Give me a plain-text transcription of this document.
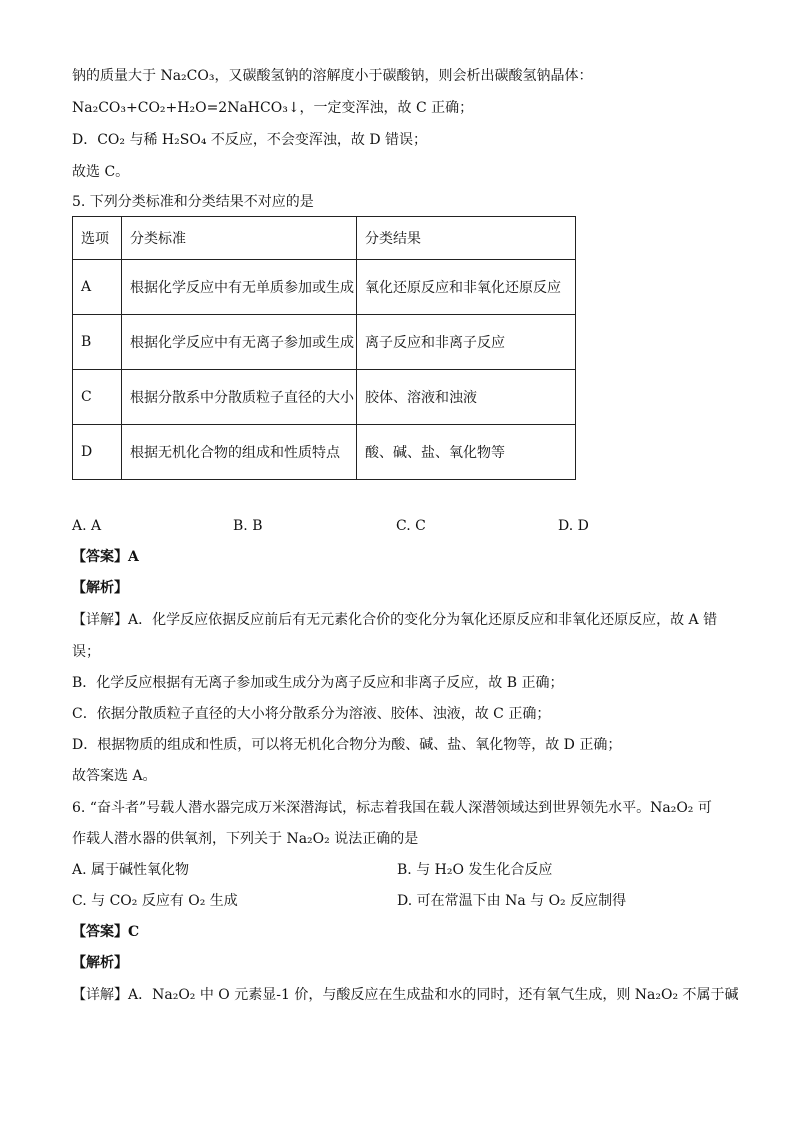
钠的质量大于 Na₂CO₃，又碳酸氢钠的溶解度小于碳酸钠，则会析出碳酸氢钠晶体：
Na₂CO₃+CO₂+H₂O=2NaHCO₃↓，一定变浑浊，故 C 正确；
D．CO₂ 与稀 H₂SO₄ 不反应，不会变浑浊，故 D 错误；
故选 C。
5. 下列分类标准和分类结果不对应的是
选项	分类标准	分类结果
A	根据化学反应中有无单质参加或生成	氧化还原反应和非氧化还原反应
B	根据化学反应中有无离子参加或生成	离子反应和非离子反应
C	根据分散系中分散质粒子直径的大小	胶体、溶液和浊液
D	根据无机化合物的组成和性质特点	酸、碱、盐、氧化物等
A. A	B. B	C. C	D. D
【答案】A
【解析】
【详解】A．化学反应依据反应前后有无元素化合价的变化分为氧化还原反应和非氧化还原反应，故 A 错
误；
B．化学反应根据有无离子参加或生成分为离子反应和非离子反应，故 B 正确；
C．依据分散质粒子直径的大小将分散系分为溶液、胶体、浊液，故 C 正确；
D．根据物质的组成和性质，可以将无机化合物分为酸、碱、盐、氧化物等，故 D 正确；
故答案选 A。
6. “奋斗者”号载人潜水器完成万米深潜海试，标志着我国在载人深潜领域达到世界领先水平。Na₂O₂ 可
作载人潜水器的供氧剂，下列关于 Na₂O₂ 说法正确的是
A. 属于碱性氧化物	B. 与 H₂O 发生化合反应
C. 与 CO₂ 反应有 O₂ 生成	D. 可在常温下由 Na 与 O₂ 反应制得
【答案】C
【解析】
【详解】A．Na₂O₂ 中 O 元素显-1 价，与酸反应在生成盐和水的同时，还有氧气生成，则 Na₂O₂ 不属于碱
